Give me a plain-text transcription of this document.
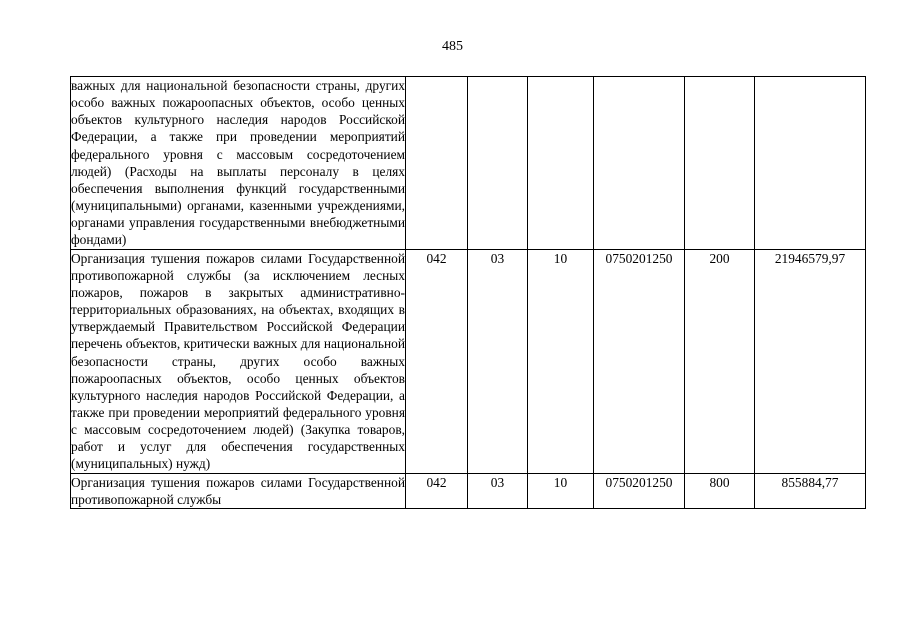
485
важных для национальной безопасности страны, других особо важных пожароопасных объектов, особо ценных объектов культурного наследия народов Российской Федерации, а также при проведении мероприятий федерального уровня с массовым сосредоточением людей) (Расходы на выплаты персоналу в целях обеспечения выполнения функций государственными (муниципальными) органами, казенными учреждениями, органами управления государственными внебюджетными фондами)						

Организация тушения пожаров силами Государственной противопожарной службы (за исключением лесных пожаров, пожаров в закрытых административно-территориальных образованиях, на объектах, входящих в утверждаемый Правительством Российской Федерации перечень объектов, критически важных для национальной безопасности страны, других особо важных пожароопасных объектов, особо ценных объектов культурного наследия народов Российской Федерации, а также при проведении мероприятий федерального уровня с массовым сосредоточением людей) (Закупка товаров, работ и услуг для обеспечения государственных (муниципальных) нужд)	042	03	10	0750201250	200	21946579,97

Организация тушения пожаров силами Государственной противопожарной службы	042	03	10	0750201250	800	855884,77
